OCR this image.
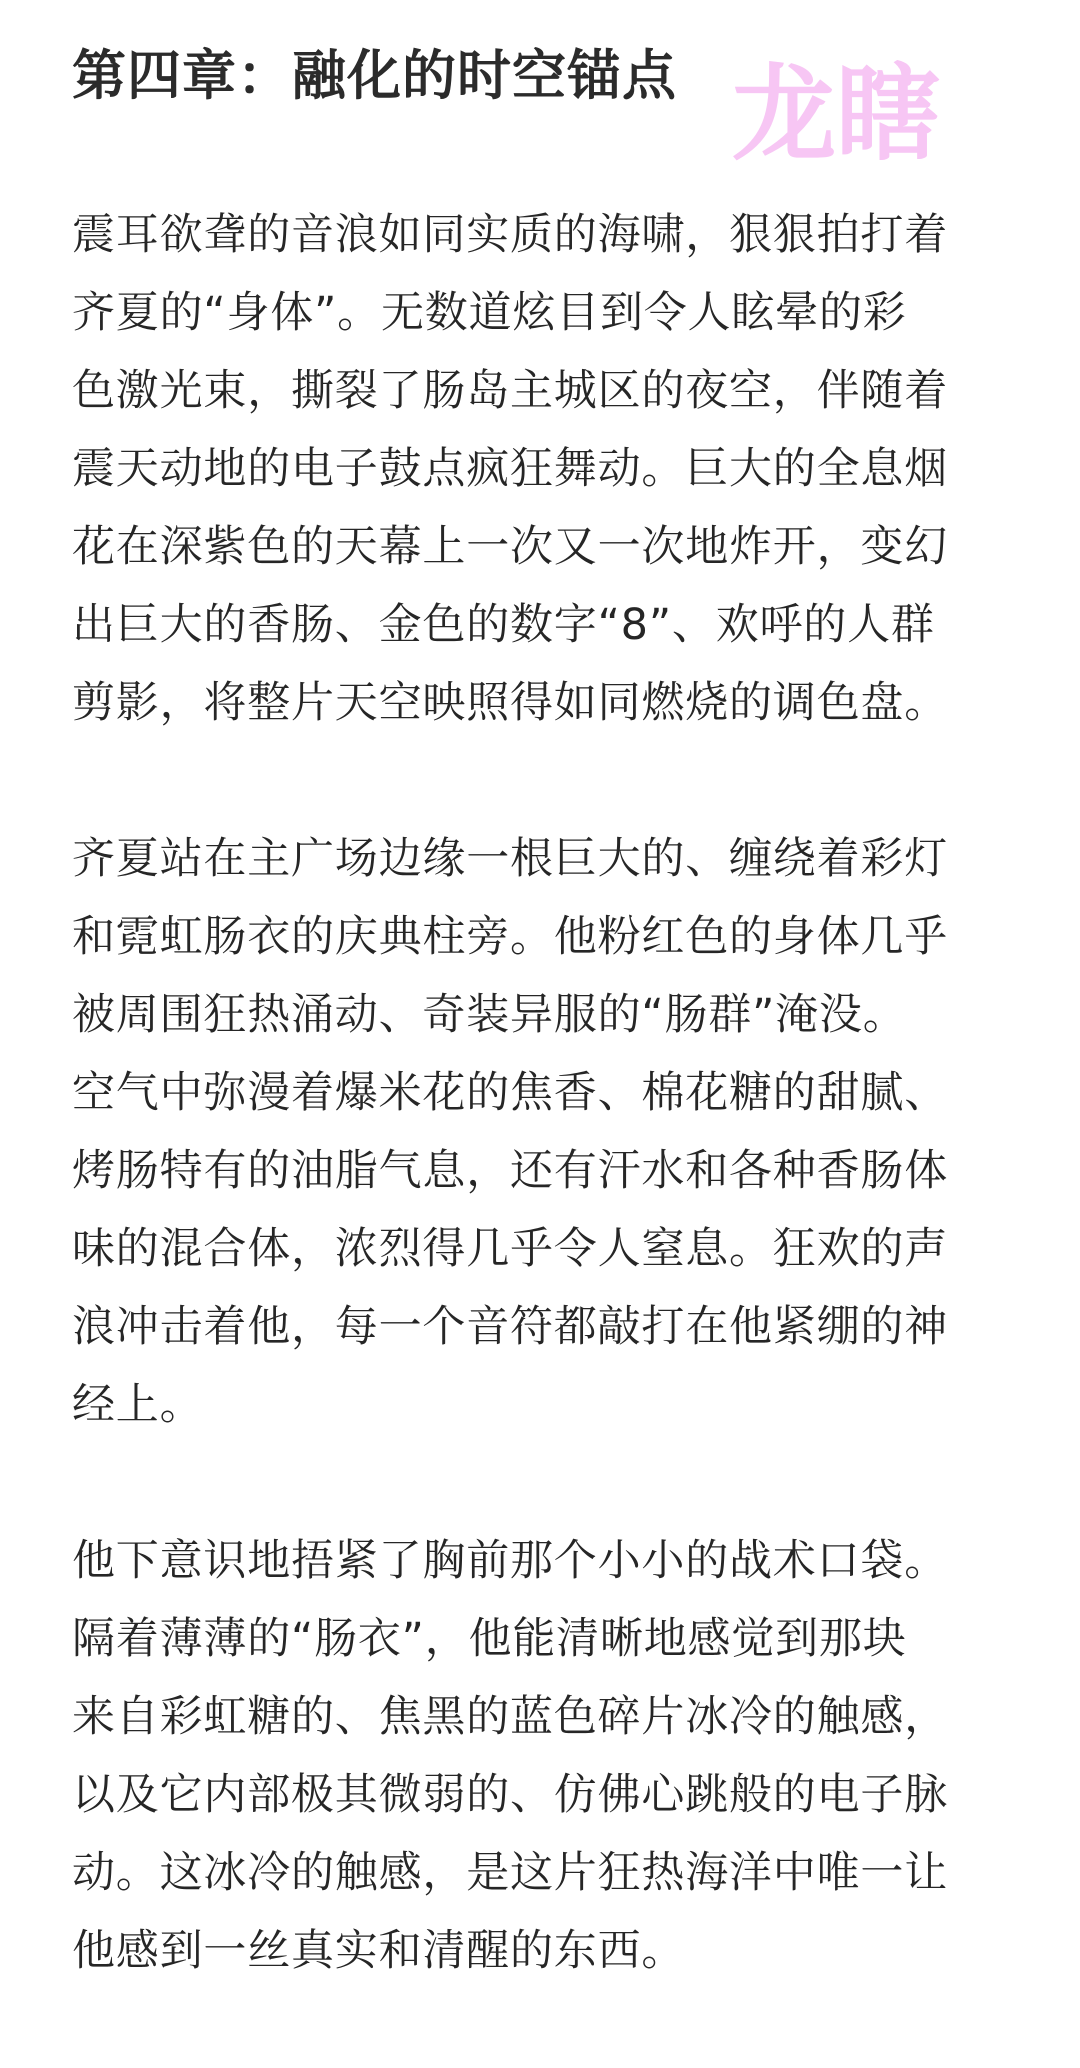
第四章：融化的时空锚点 龙瞎
震耳欲聋的音浪如同实质的海啸，狠狠拍打着
齐夏的“身体”。无数道炫目到令人眩晕的彩
色激光束，撕裂了肠岛主城区的夜空，伴随着
震天动地的电子鼓点疯狂舞动。巨大的全息烟
花在深紫色的天幕上一次又一次地炸开，变幻
出巨大的香肠、金色的数字“8”、欢呼的人群
剪影，将整片天空映照得如同燃烧的调色盘。
齐夏站在主广场边缘一根巨大的、缠绕着彩灯
和霓虹肠衣的庆典柱旁。他粉红色的身体几乎
被周围狂热涌动、奇装异服的“肠群”淹没。
空气中弥漫着爆米花的焦香、棉花糖的甜腻、
烤肠特有的油脂气息，还有汗水和各种香肠体
味的混合体，浓烈得几乎令人窒息。狂欢的声
浪冲击着他，每一个音符都敲打在他紧绷的神
经上。
他下意识地捂紧了胸前那个小小的战术口袋。
隔着薄薄的“肠衣”，他能清晰地感觉到那块
来自彩虹糖的、焦黑的蓝色碎片冰冷的触感，
以及它内部极其微弱的、仿佛心跳般的电子脉
动。这冰冷的触感，是这片狂热海洋中唯一让
他感到一丝真实和清醒的东西。
